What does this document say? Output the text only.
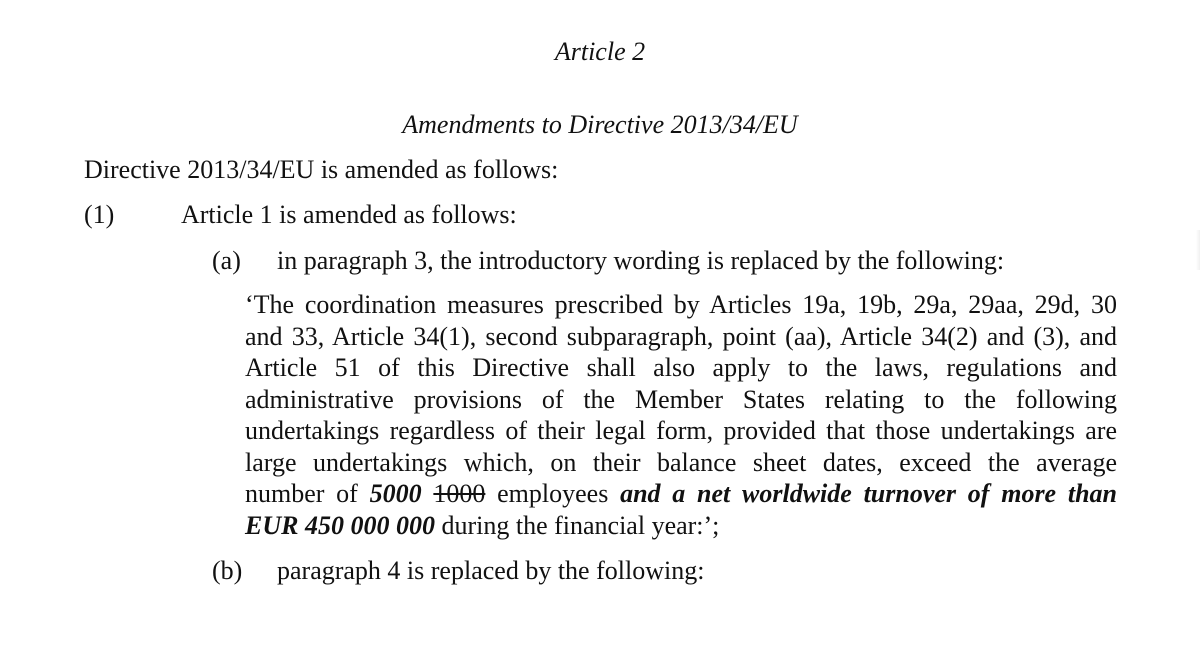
Article 2
Amendments to Directive 2013/34/EU
Directive 2013/34/EU is amended as follows:
(1)	Article 1 is amended as follows:
(a) in paragraph 3, the introductory wording is replaced by the following:
‘The coordination measures prescribed by Articles 19a, 19b, 29a, 29aa, 29d, 30
and 33, Article 34(1), second subparagraph, point (aa), Article 34(2) and (3), and
Article 51 of this Directive shall also apply to the laws, regulations and
administrative provisions of the Member States relating to the following
undertakings regardless of their legal form, provided that those undertakings are
large undertakings which, on their balance sheet dates, exceed the average
number of 5000 1000 employees and a net worldwide turnover of more than
EUR 450 000 000 during the financial year:’;
(b) paragraph 4 is replaced by the following:
